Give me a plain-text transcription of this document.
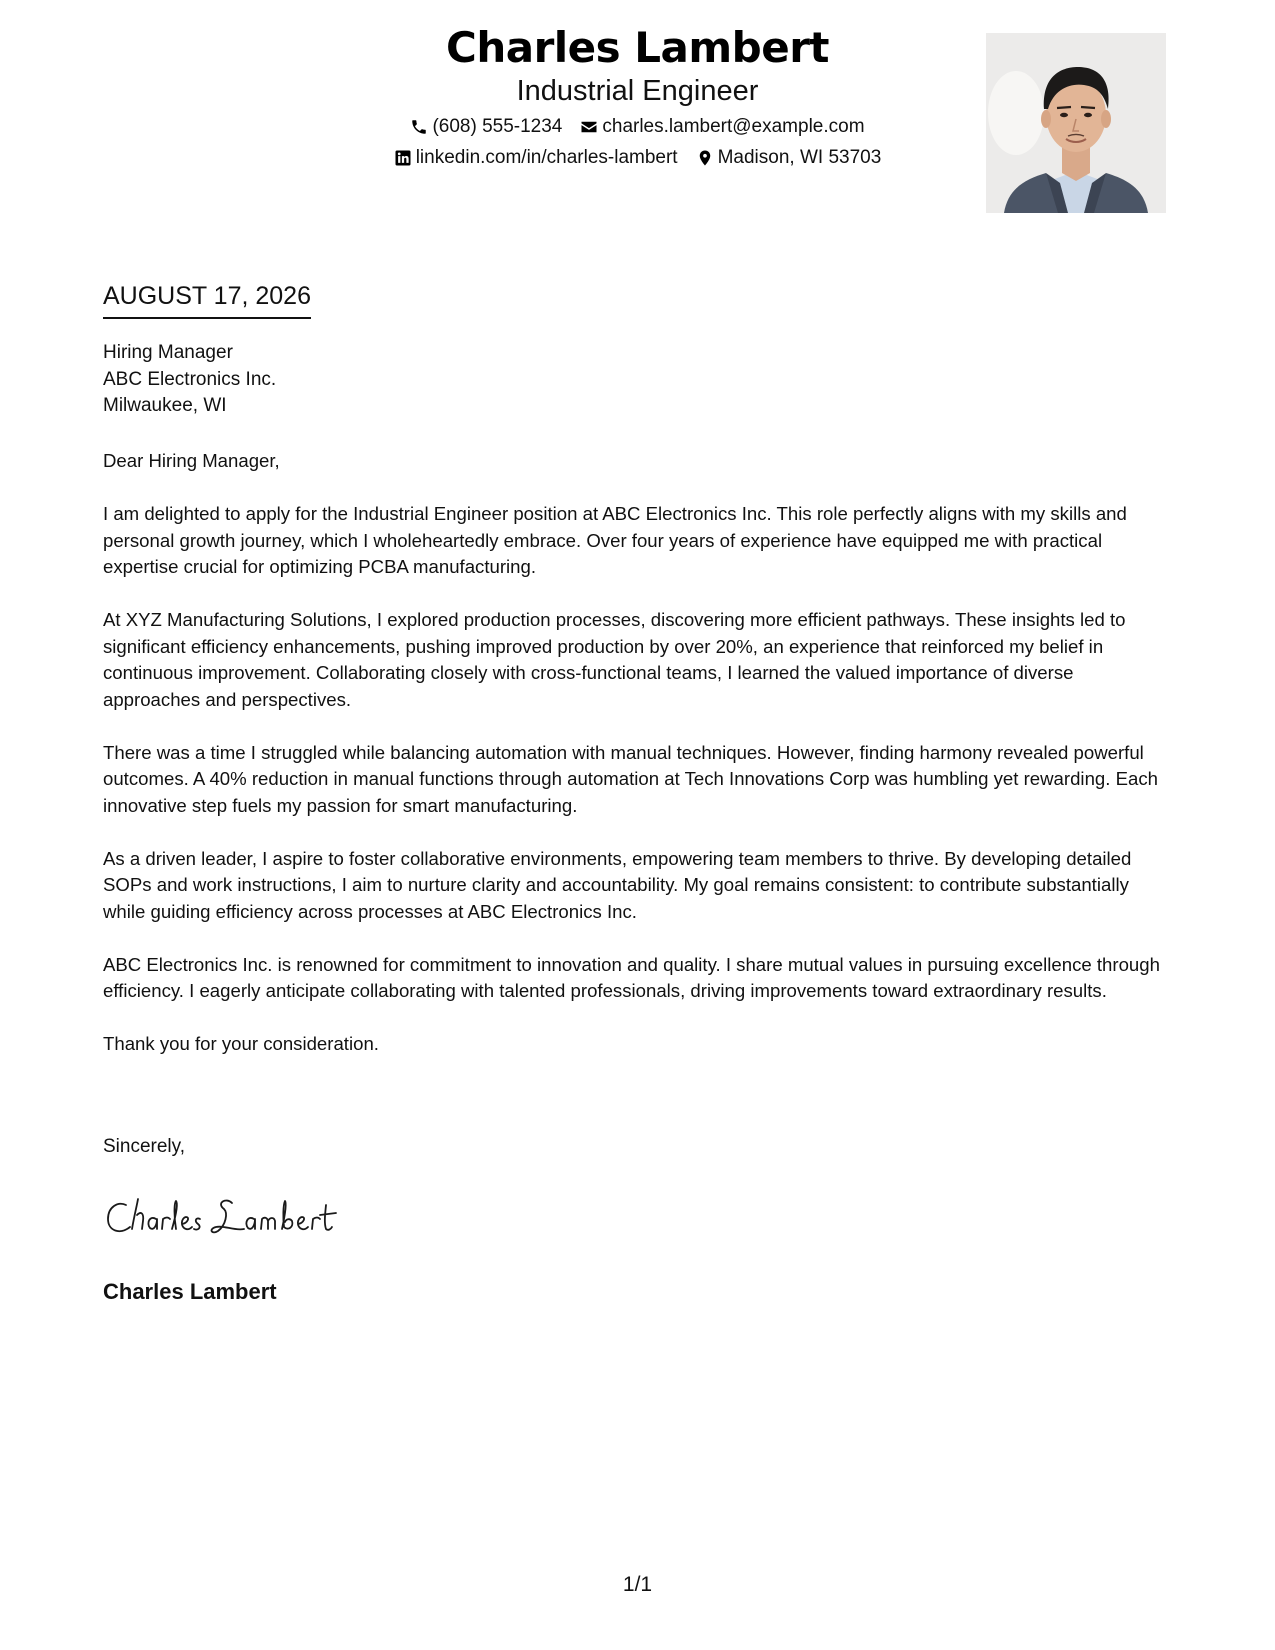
Charles Lambert
Industrial Engineer
(608) 555-1234 charles.lambert@example.com
linkedin.com/in/charles-lambert Madison, WI 53703
AUGUST 17, 2026
Hiring Manager
ABC Electronics Inc.
Milwaukee, WI

Dear Hiring Manager,

I am delighted to apply for the Industrial Engineer position at ABC Electronics Inc. This role perfectly aligns with my skills and personal growth journey, which I wholeheartedly embrace. Over four years of experience have equipped me with practical expertise crucial for optimizing PCBA manufacturing.

At XYZ Manufacturing Solutions, I explored production processes, discovering more efficient pathways. These insights led to significant efficiency enhancements, pushing improved production by over 20%, an experience that reinforced my belief in continuous improvement. Collaborating closely with cross-functional teams, I learned the valued importance of diverse approaches and perspectives.

There was a time I struggled while balancing automation with manual techniques. However, finding harmony revealed powerful outcomes. A 40% reduction in manual functions through automation at Tech Innovations Corp was humbling yet rewarding. Each innovative step fuels my passion for smart manufacturing.

As a driven leader, I aspire to foster collaborative environments, empowering team members to thrive. By developing detailed SOPs and work instructions, I aim to nurture clarity and accountability. My goal remains consistent: to contribute substantially while guiding efficiency across processes at ABC Electronics Inc.

ABC Electronics Inc. is renowned for commitment to innovation and quality. I share mutual values in pursuing excellence through efficiency. I eagerly anticipate collaborating with talented professionals, driving improvements toward extraordinary results.

Thank you for your consideration.

Sincerely,
Charles Lambert
1/1
